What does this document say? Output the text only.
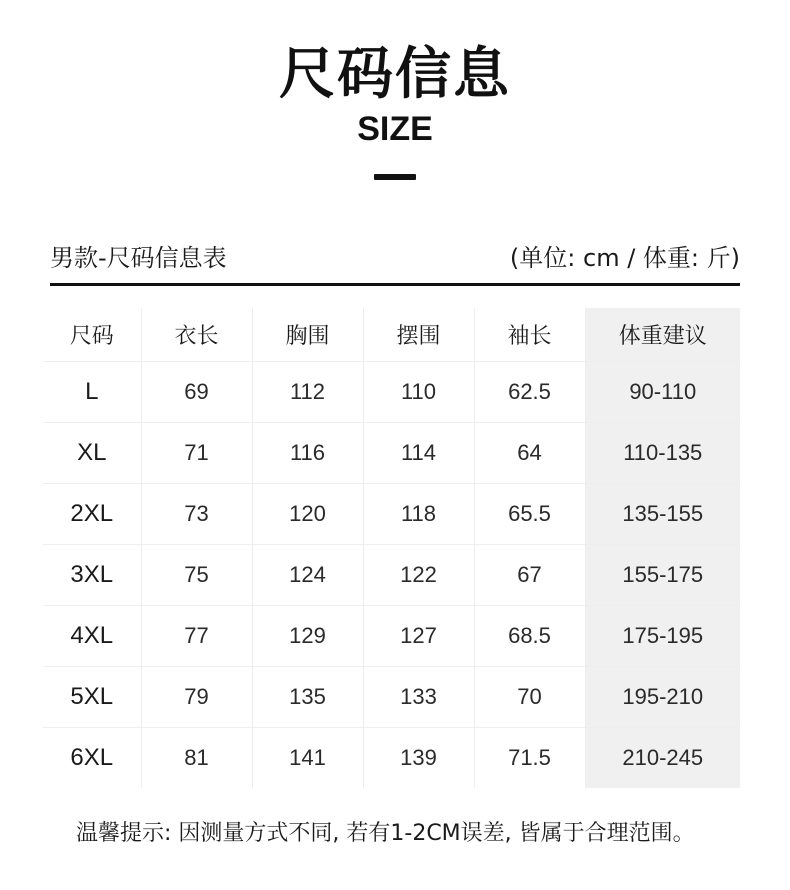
尺码信息
SIZE
男款-尺码信息表	(单位: cm / 体重: 斤)
尺码	衣长	胸围	摆围	袖长	体重建议
L	69	112	110	62.5	90-110
XL	71	116	114	64	110-135
2XL	73	120	118	65.5	135-155
3XL	75	124	122	67	155-175
4XL	77	129	127	68.5	175-195
5XL	79	135	133	70	195-210
6XL	81	141	139	71.5	210-245
温馨提示: 因测量方式不同, 若有1-2CM误差, 皆属于合理范围。
